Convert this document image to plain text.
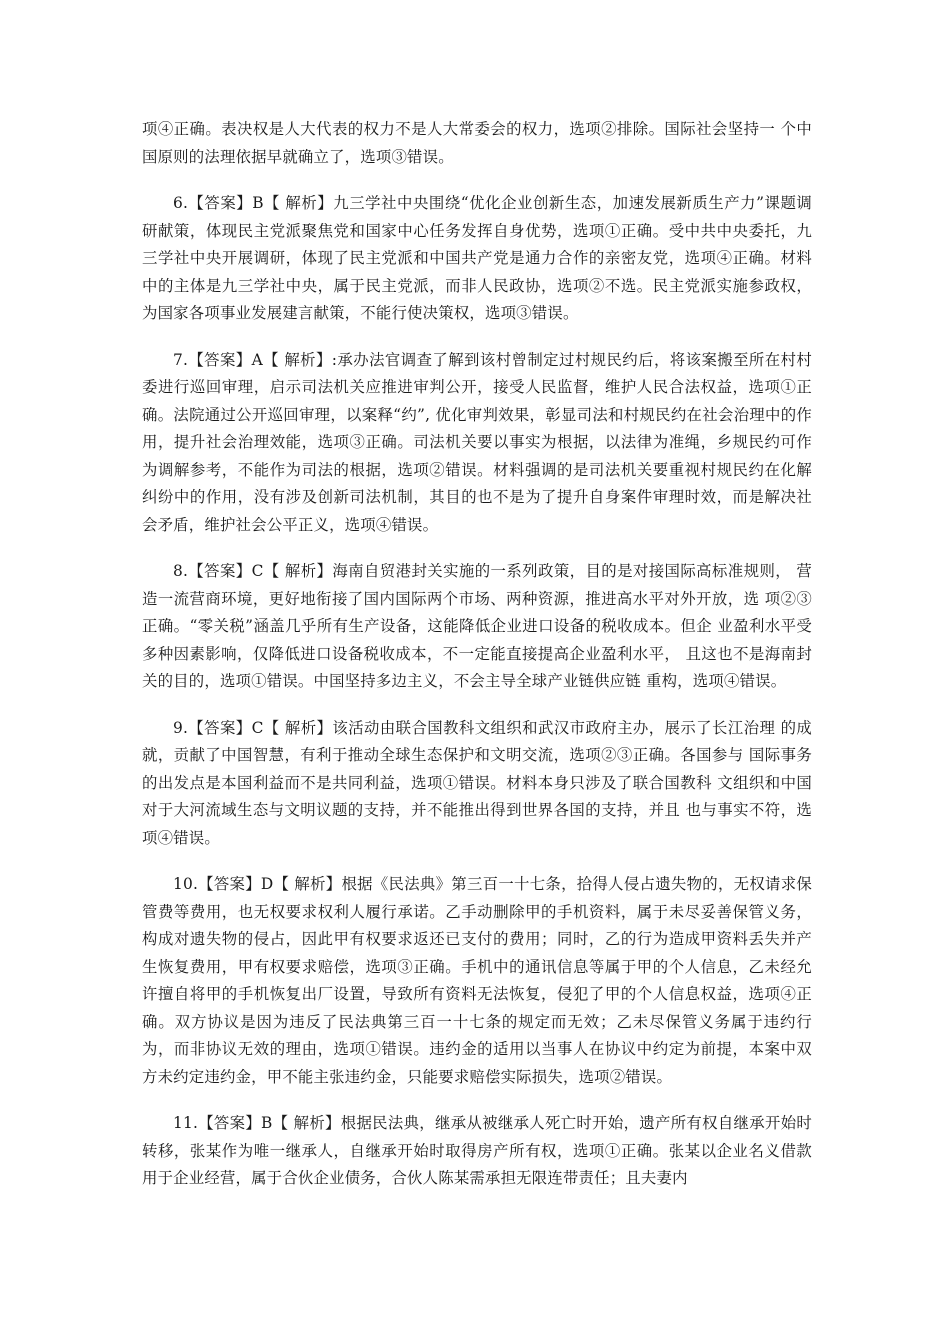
项④正确。表决权是人大代表的权力不是人大常委会的权力，选项②排除。国际社会坚持一 个中国原则的法理依据早就确立了，选项③错误。

6.【答案】B【 解析】九三学社中央围绕“优化企业创新生态，加速发展新质生产力”课题调研献策，体现民主党派聚焦党和国家中心任务发挥自身优势，选项①正确。受中共中央委托，九三学社中央开展调研，体现了民主党派和中国共产党是通力合作的亲密友党，选项④正确。材料中的主体是九三学社中央，属于民主党派，而非人民政协，选项②不选。民主党派实施参政权，为国家各项事业发展建言献策，不能行使决策权，选项③错误。

7.【答案】A【 解析】:承办法官调查了解到该村曾制定过村规民约后，将该案搬至所在村村委进行巡回审理，启示司法机关应推进审判公开，接受人民监督，维护人民合法权益，选项①正确。法院通过公开巡回审理，以案释“约”, 优化审判效果，彰显司法和村规民约在社会治理中的作用，提升社会治理效能，选项③正确。司法机关要以事实为根据，以法律为准绳，乡规民约可作为调解参考，不能作为司法的根据，选项②错误。材料强调的是司法机关要重视村规民约在化解纠纷中的作用，没有涉及创新司法机制，其目的也不是为了提升自身案件审理时效，而是解决社会矛盾，维护社会公平正义，选项④错误。

8.【答案】C【 解析】海南自贸港封关实施的一系列政策，目的是对接国际高标准规则， 营造一流营商环境，更好地衔接了国内国际两个市场、两种资源，推进高水平对外开放，选 项②③正确。“零关税”涵盖几乎所有生产设备，这能降低企业进口设备的税收成本。但企 业盈利水平受多种因素影响，仅降低进口设备税收成本，不一定能直接提高企业盈利水平， 且这也不是海南封关的目的，选项①错误。中国坚持多边主义，不会主导全球产业链供应链 重构，选项④错误。

9.【答案】C【 解析】该活动由联合国教科文组织和武汉市政府主办，展示了长江治理 的成就，贡献了中国智慧，有利于推动全球生态保护和文明交流，选项②③正确。各国参与 国际事务的出发点是本国利益而不是共同利益，选项①错误。材料本身只涉及了联合国教科 文组织和中国对于大河流域生态与文明议题的支持，并不能推出得到世界各国的支持，并且 也与事实不符，选项④错误。

10.【答案】D【 解析】根据《民法典》第三百一十七条，拾得人侵占遗失物的，无权请求保管费等费用，也无权要求权利人履行承诺。乙手动删除甲的手机资料，属于未尽妥善保管义务，构成对遗失物的侵占，因此甲有权要求返还已支付的费用；同时，乙的行为造成甲资料丢失并产生恢复费用，甲有权要求赔偿，选项③正确。手机中的通讯信息等属于甲的个人信息，乙未经允许擅自将甲的手机恢复出厂设置，导致所有资料无法恢复，侵犯了甲的个人信息权益，选项④正确。双方协议是因为违反了民法典第三百一十七条的规定而无效；乙未尽保管义务属于违约行为，而非协议无效的理由，选项①错误。违约金的适用以当事人在协议中约定为前提，本案中双方未约定违约金，甲不能主张违约金，只能要求赔偿实际损失，选项②错误。

11.【答案】B【 解析】根据民法典，继承从被继承人死亡时开始，遗产所有权自继承开始时转移，张某作为唯一继承人，自继承开始时取得房产所有权，选项①正确。张某以企业名义借款用于企业经营，属于合伙企业债务，合伙人陈某需承担无限连带责任；且夫妻内
